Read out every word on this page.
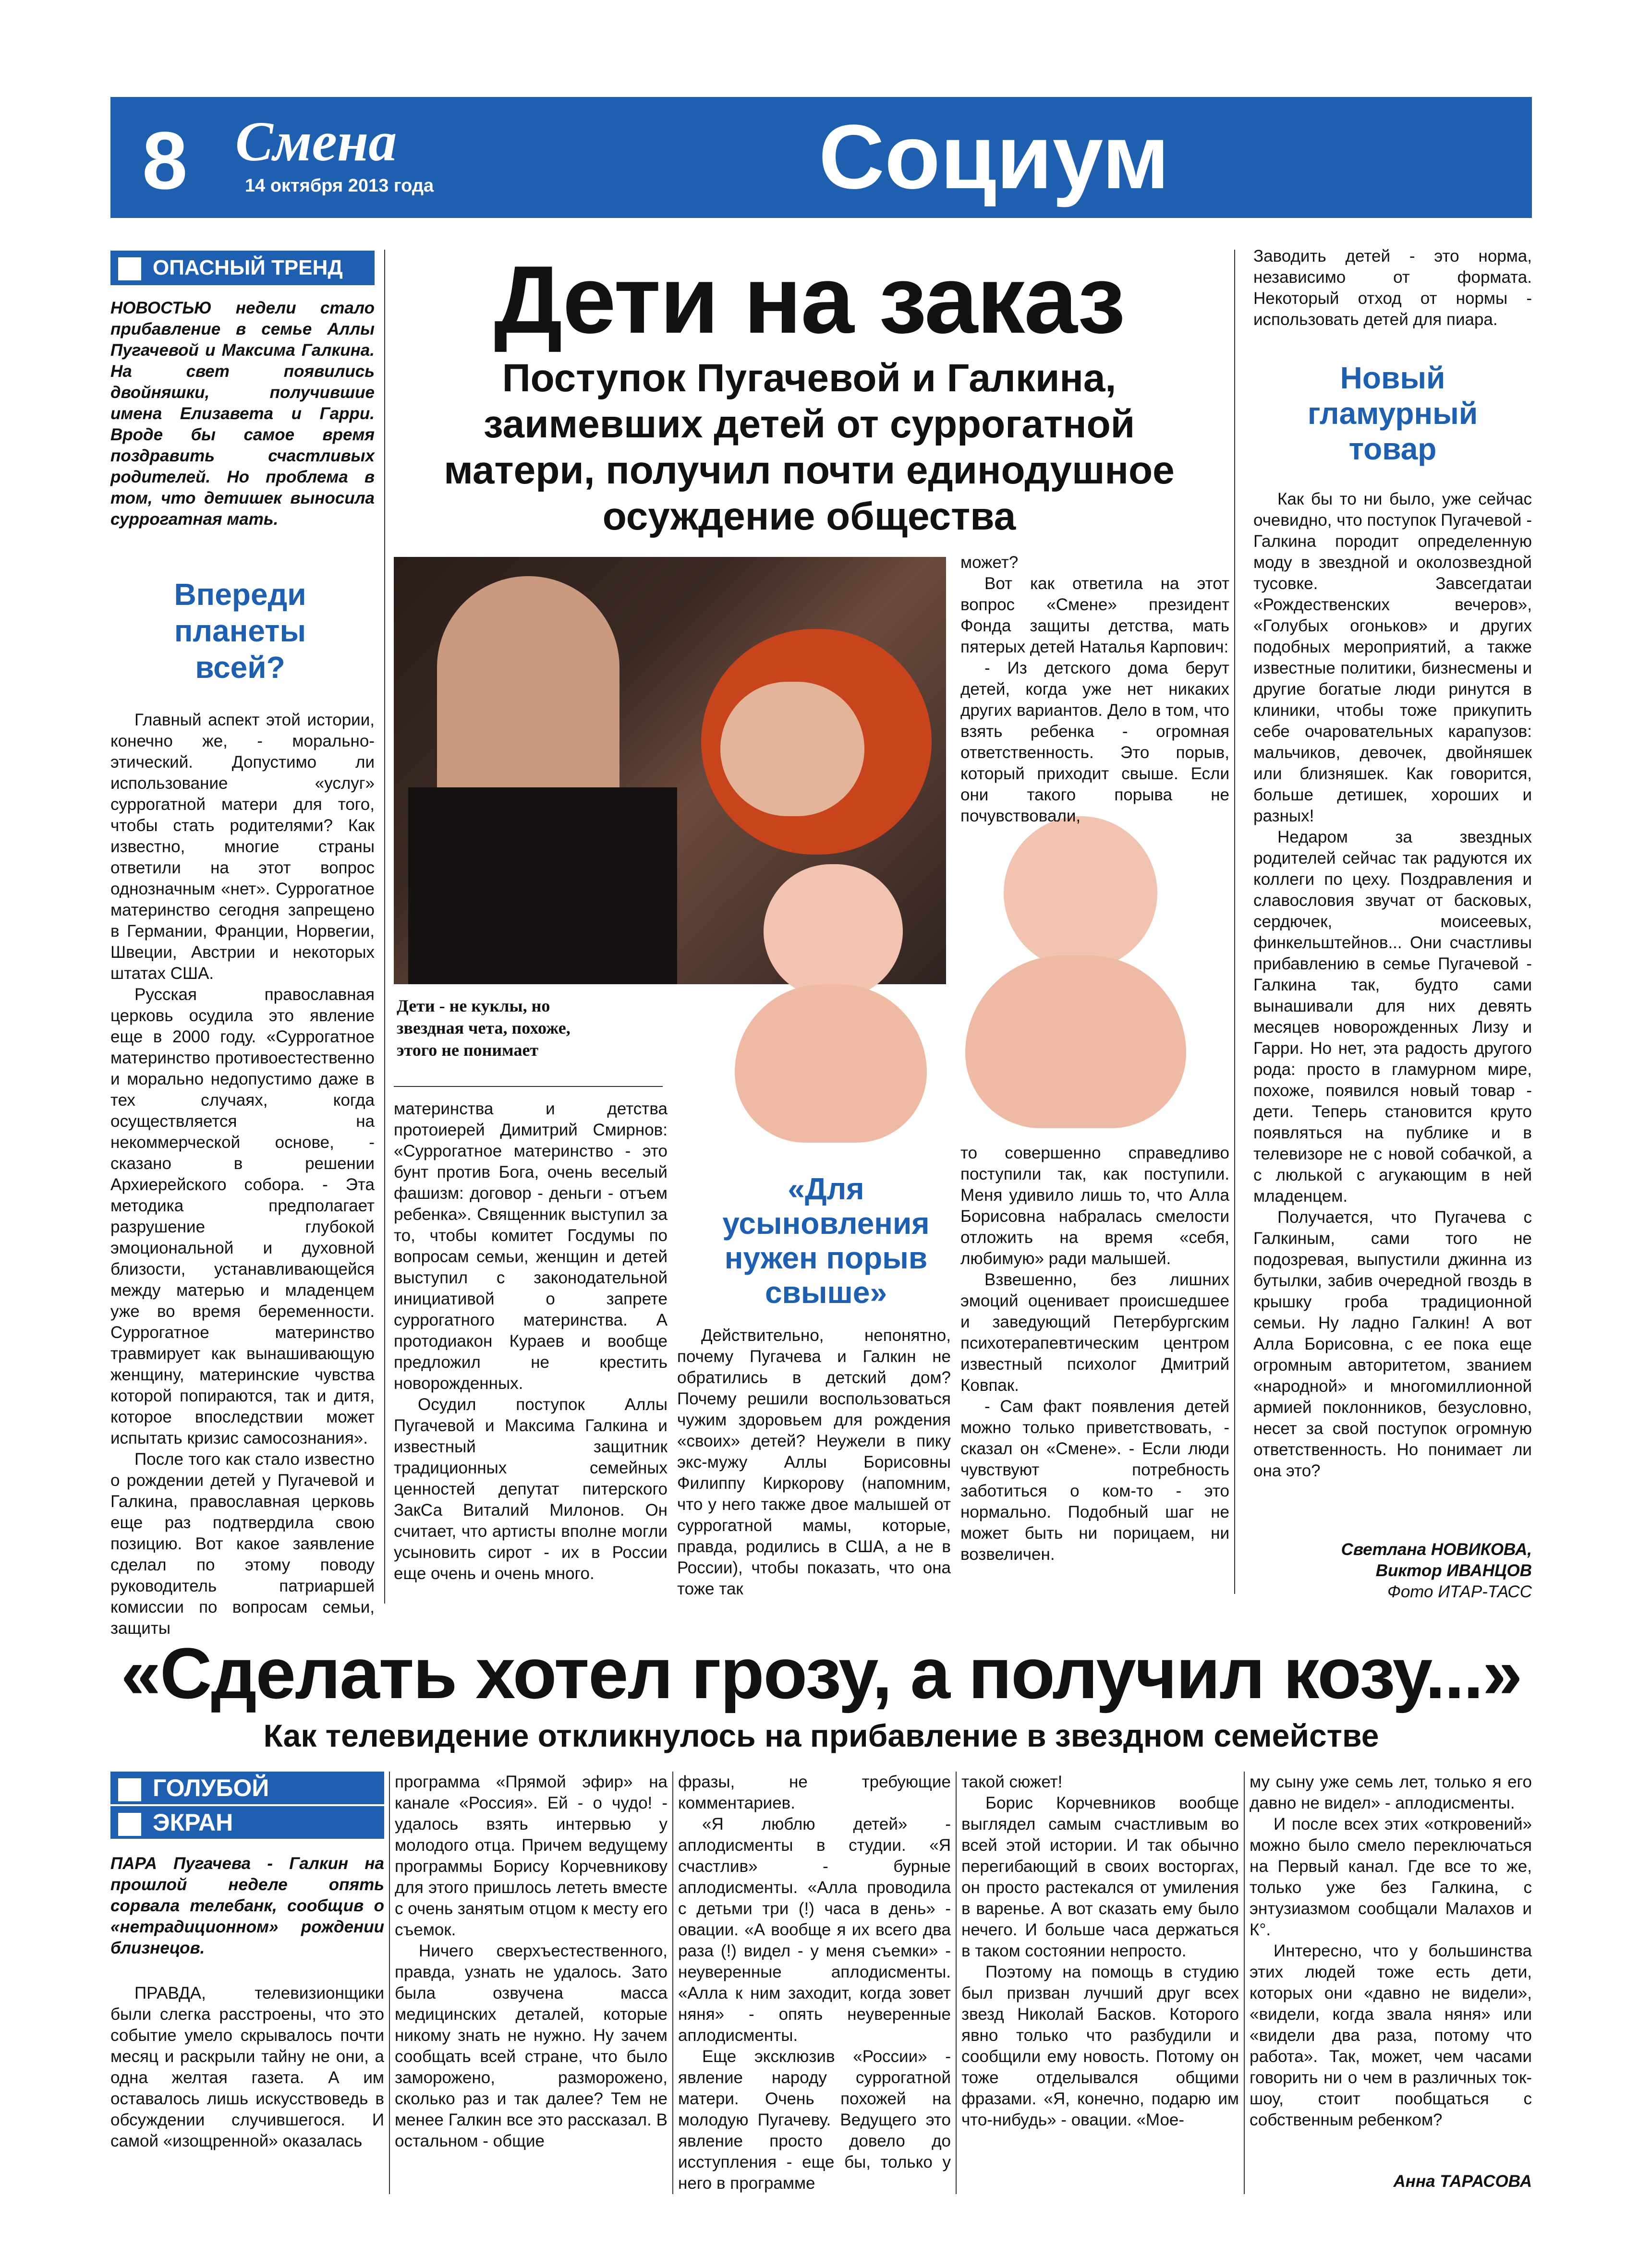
8 Смена
14 октября 2013 года	Социум
ОПАСНЫЙ ТРЕНД
НОВОСТЬЮ недели стало прибавление в семье Аллы Пугачевой и Максима Галкина. На свет появились двойняшки, получившие имена Елизавета и Гарри. Вроде бы самое время поздравить счастливых родителей. Но проблема в том, что детишек выносила суррогатная мать.
Впереди планеты всей?

Главный аспект этой истории, конечно же, - морально-этический. Допустимо ли использование «услуг» суррогатной матери для того, чтобы стать родителями? Как известно, многие страны ответили на этот вопрос однозначным «нет». Суррогатное материнство сегодня запрещено в Германии, Франции, Норвегии, Швеции, Австрии и некоторых штатах США.

Русская православная церковь осудила это явление еще в 2000 году. «Суррогатное материнство противоестественно и морально недопустимо даже в тех случаях, когда осуществляется на некоммерческой основе, - сказано в решении Архиерейского собора. - Эта методика предполагает разрушение глубокой эмоциональной и духовной близости, устанавливающейся между матерью и младенцем уже во время беременности. Суррогатное материнство травмирует как вынашивающую женщину, материнские чувства которой попираются, так и дитя, которое впоследствии может испытать кризис самосознания».

После того как стало известно о рождении детей у Пугачевой и Галкина, православная церковь еще раз подтвердила свою позицию. Вот какое заявление сделал по этому поводу руководитель патриаршей комиссии по вопросам семьи, защиты

Дети на заказ
Поступок Пугачевой и Галкина, заимевших детей от суррогатной матери, получил почти единодушное осуждение общества
Дети - не куклы, но звездная чета, похоже, этого не понимает

материнства и детства протоиерей Димитрий Смирнов: «Суррогатное материнство - это бунт против Бога, очень веселый фашизм: договор - деньги - отъем ребенка». Священник выступил за то, чтобы комитет Госдумы по вопросам семьи, женщин и детей выступил с законодательной инициативой о запрете суррогатного материнства. А протодиакон Кураев и вообще предложил не крестить новорожденных.

Осудил поступок Аллы Пугачевой и Максима Галкина и известный защитник традиционных семейных ценностей депутат питерского ЗакСа Виталий Милонов. Он считает, что артисты вполне могли усыновить сирот - их в России еще очень и очень много.

«Для усыновления нужен порыв свыше»

Действительно, непонятно, почему Пугачева и Галкин не обратились в детский дом? Почему решили воспользоваться чужим здоровьем для рождения «своих» детей? Неужели в пику экс-мужу Аллы Борисовны Филиппу Киркорову (напомним, что у него также двое малышей от суррогатной мамы, которые, правда, родились в США, а не в России), чтобы показать, что она тоже так

может?

Вот как ответила на этот вопрос «Смене» президент Фонда защиты детства, мать пятерых детей Наталья Карпович:

- Из детского дома берут детей, когда уже нет никаких других вариантов. Дело в том, что взять ребенка - огромная ответственность. Это порыв, который приходит свыше. Если они такого порыва не почувствовали,

то совершенно справедливо поступили так, как поступили. Меня удивило лишь то, что Алла Борисовна набралась смелости отложить на время «себя, любимую» ради малышей.

Взвешенно, без лишних эмоций оценивает происшедшее и заведующий Петербургским психотерапевтическим центром известный психолог Дмитрий Ковпак.

- Сам факт появления детей можно только приветствовать, - сказал он «Смене». - Если люди чувствуют потребность заботиться о ком-то - это нормально. Подобный шаг не может быть ни порицаем, ни возвеличен.

Заводить детей - это норма, независимо от формата. Некоторый отход от нормы - использовать детей для пиара.

Новый гламурный товар

Как бы то ни было, уже сейчас очевидно, что поступок Пугачевой - Галкина породит определенную моду в звездной и околозвездной тусовке. Завсегдатаи «Рождественских вечеров», «Голубых огоньков» и других подобных мероприятий, а также известные политики, бизнесмены и другие богатые люди ринутся в клиники, чтобы тоже прикупить себе очаровательных карапузов: мальчиков, девочек, двойняшек или близняшек. Как говорится, больше детишек, хороших и разных!

Недаром за звездных родителей сейчас так радуются их коллеги по цеху. Поздравления и славословия звучат от басковых, сердючек, моисеевых, финкельштейнов... Они счастливы прибавлению в семье Пугачевой - Галкина так, будто сами вынашивали для них девять месяцев новорожденных Лизу и Гарри. Но нет, эта радость другого рода: просто в гламурном мире, похоже, появился новый товар - дети. Теперь становится круто появляться на публике и в телевизоре не с новой собачкой, а с люлькой с агукающим в ней младенцем.

Получается, что Пугачева с Галкиным, сами того не подозревая, выпустили джинна из бутылки, забив очередной гвоздь в крышку гроба традиционной семьи. Ну ладно Галкин! А вот Алла Борисовна, с ее пока еще огромным авторитетом, званием «народной» и многомиллионной армией поклонников, безусловно, несет за свой поступок огромную ответственность. Но понимает ли она это?

Светлана НОВИКОВА,
Виктор ИВАНЦОВ
Фото ИТАР-ТАСС
«Сделать хотел грозу, а получил козу...»
Как телевидение откликнулось на прибавление в звездном семействе
ГОЛУБОЙ
ЭКРАН
ПАРА Пугачева - Галкин на прошлой неделе опять сорвала телебанк, сообщив о «нетрадиционном» рождении близнецов.

ПРАВДА, телевизионщики были слегка расстроены, что это событие умело скрывалось почти месяц и раскрыли тайну не они, а одна желтая газета. А им оставалось лишь искусствоведь в обсуждении случившегося. И самой «изощренной» оказалась

программа «Прямой эфир» на канале «Россия». Ей - о чудо! - удалось взять интервью у молодого отца. Причем ведущему программы Борису Корчевникову для этого пришлось лететь вместе с очень занятым отцом к месту его съемок.

Ничего сверхъестественного, правда, узнать не удалось. Зато была озвучена масса медицинских деталей, которые никому знать не нужно. Ну зачем сообщать всей стране, что было заморожено, разморожено, сколько раз и так далее? Тем не менее Галкин все это рассказал. В остальном - общие

фразы, не требующие комментариев.

«Я люблю детей» - аплодисменты в студии. «Я счастлив» - бурные аплодисменты. «Алла проводила с детьми три (!) часа в день» - овации. «А вообще я их всего два раза (!) видел - у меня съемки» - неуверенные аплодисменты. «Алла к ним заходит, когда зовет няня» - опять неуверенные аплодисменты.

Еще эксклюзив «России» - явление народу суррогатной матери. Очень похожей на молодую Пугачеву. Ведущего это явление просто довело до исступления - еще бы, только у него в программе

такой сюжет!

Борис Корчевников вообще выглядел самым счастливым во всей этой истории. И так обычно перегибающий в своих восторгах, он просто растекался от умиления в варенье. А вот сказать ему было нечего. И больше часа держаться в таком состоянии непросто.

Поэтому на помощь в студию был призван лучший друг всех звезд Николай Басков. Которого явно только что разбудили и сообщили ему новость. Потому он тоже отделывался общими фразами. «Я, конечно, подарю им что-нибудь» - овации. «Мое-

му сыну уже семь лет, только я его давно не видел» - аплодисменты.

И после всех этих «откровений» можно было смело переключаться на Первый канал. Где все то же, только уже без Галкина, с энтузиазмом сообщали Малахов и К°.

Интересно, что у большинства этих людей тоже есть дети, которых они «давно не видели», «видели, когда звала няня» или «видели два раза, потому что работа». Так, может, чем часами говорить ни о чем в различных ток-шоу, стоит пообщаться с собственным ребенком?

Анна ТАРАСОВА
